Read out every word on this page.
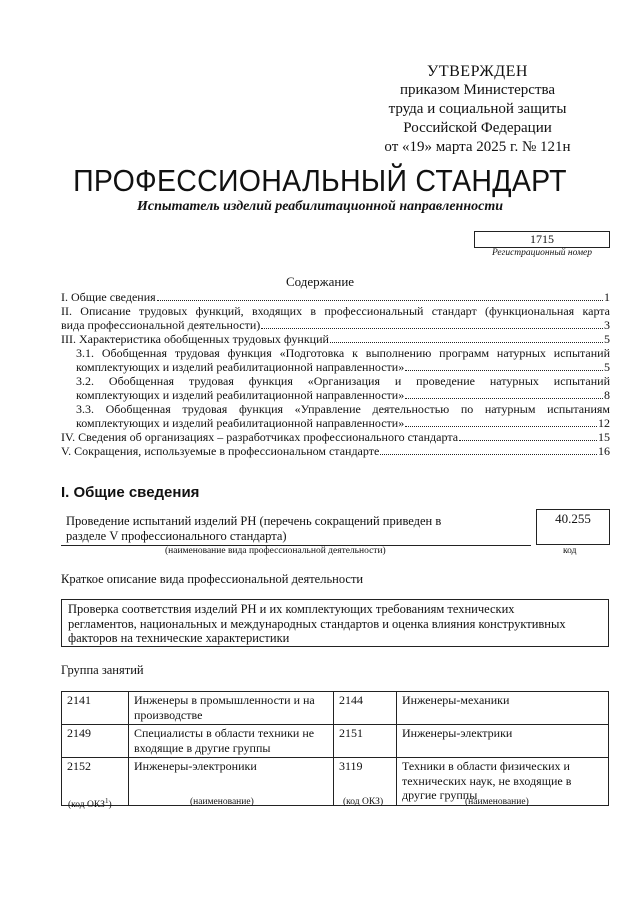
УТВЕРЖДЕН
приказом Министерства
труда и социальной защиты
Российской Федерации
от «19» марта 2025 г. № 121н
ПРОФЕССИОНАЛЬНЫЙ СТАНДАРТ
Испытатель изделий реабилитационной направленности
1715
Регистрационный номер
Содержание
I. Общие сведения	1
II. Описание трудовых функций, входящих в профессиональный стандарт (функциональная карта
вида профессиональной деятельности)	3
III. Характеристика обобщенных трудовых функций	5
3.1. Обобщенная трудовая функция «Подготовка к выполнению программ натурных испытаний
комплектующих и изделий реабилитационной направленности»	5
3.2. Обобщенная трудовая функция «Организация и проведение натурных испытаний
комплектующих и изделий реабилитационной направленности»	8
3.3. Обобщенная трудовая функция «Управление деятельностью по натурным испытаниям
комплектующих и изделий реабилитационной направленности»	12
IV. Сведения об организациях – разработчиках профессионального стандарта	15
V. Сокращения, используемые в профессиональном стандарте	16
I. Общие сведения
Проведение испытаний изделий РН (перечень сокращений приведен в
разделе V профессионального стандарта)
40.255
(наименование вида профессиональной деятельности)	код
Краткое описание вида профессиональной деятельности
Проверка соответствия изделий РН и их комплектующих требованиям технических
регламентов, национальных и международных стандартов и оценка влияния конструктивных
факторов на технические характеристики
Группа занятий
2141	Инженеры в промышленности и на производстве	2144	Инженеры-механики
2149	Специалисты в области техники не входящие в другие группы	2151	Инженеры-электрики
2152	Инженеры-электроники	3119	Техники в области физических и технических наук, не входящие в другие группы
(код ОКЗ$^1$)	(наименование)	(код ОКЗ)	(наименование)
